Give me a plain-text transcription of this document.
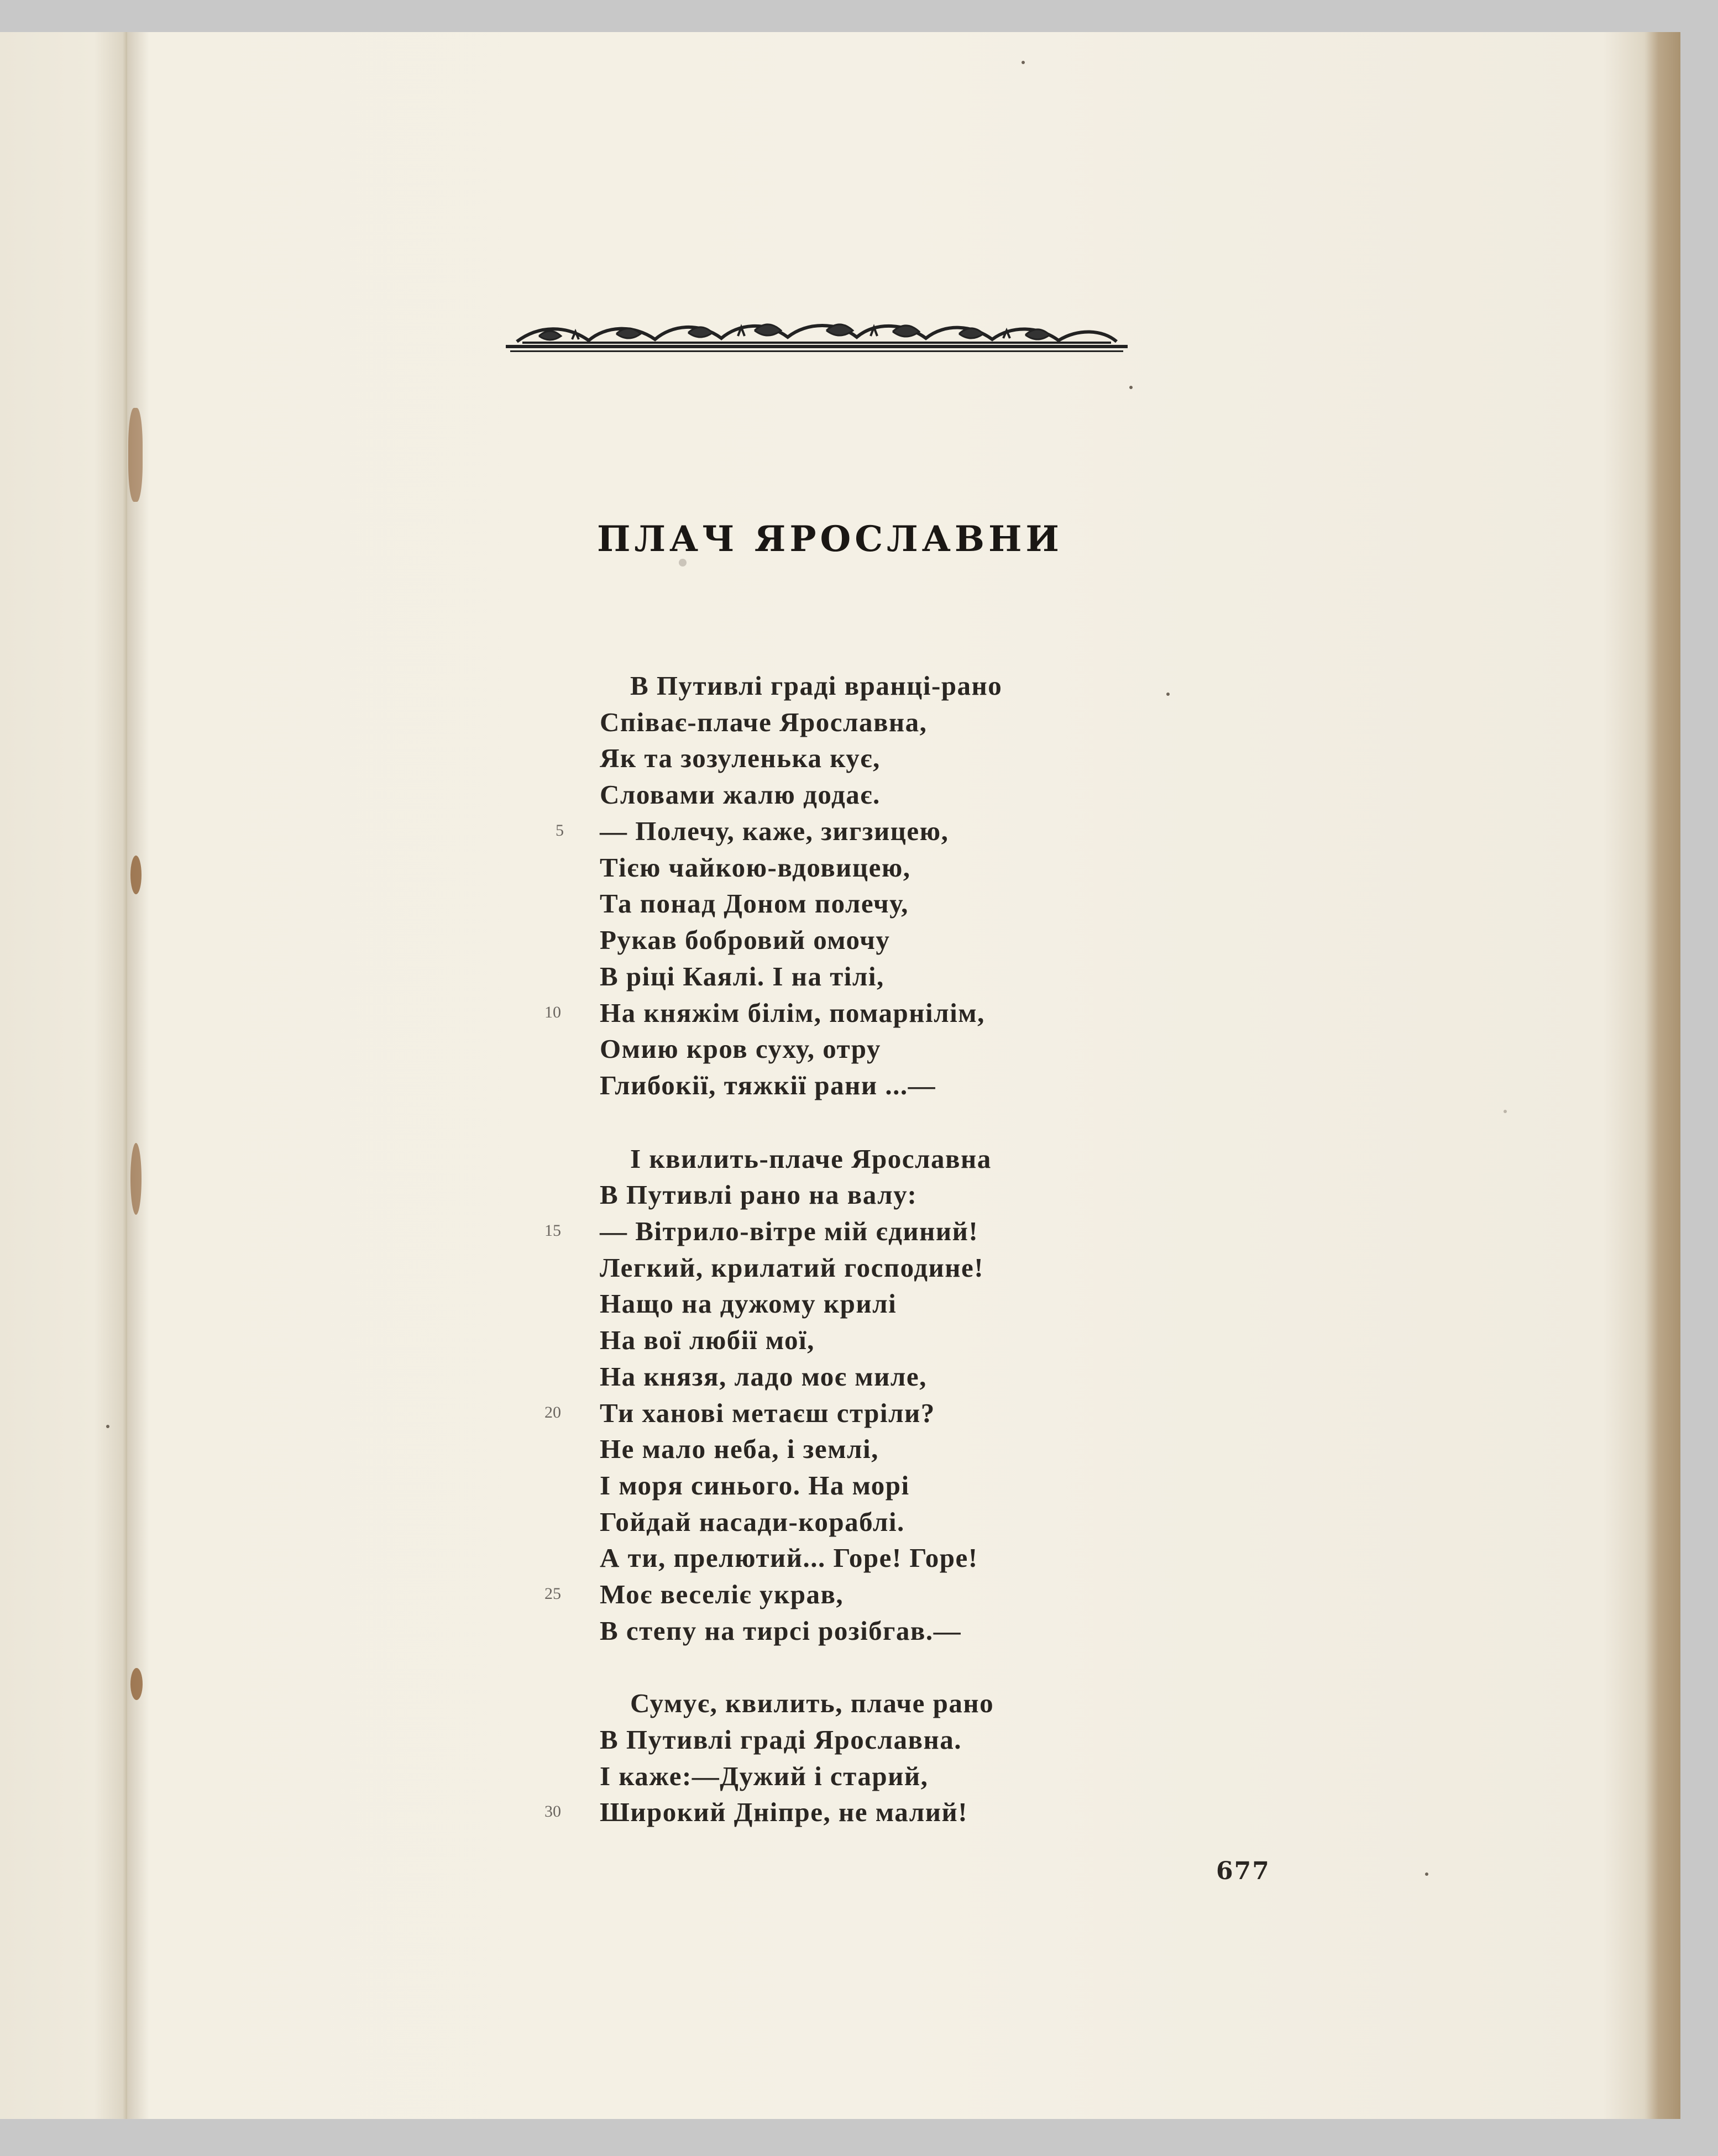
ПЛАЧ ЯРОСЛАВНИ
В Путивлі граді вранці-рано
Співає-плаче Ярославна,
Як та зозуленька кує,
Словами жалю додає.
— Полечу, каже, зигзицею,
Тією чайкою-вдовицею,
Та понад Доном полечу,
Рукав бобровий омочу
В ріці Каялі. І на тілі,
На княжім білім, помарнілім,
Омию кров суху, отру
Глибокії, тяжкії рани ...—
І квилить-плаче Ярославна
В Путивлі рано на валу:
— Вітрило-вітре мій єдиний!
Легкий, крилатий господине!
Нащо на дужому крилі
На вої любії мої,
На князя, ладо моє миле,
Ти ханові метаєш стріли?
Не мало неба, і землі,
І моря синього. На морі
Гойдай насади-кораблі.
А ти, прелютий... Горе! Горе!
Моє веселіє украв,
В степу на тирсі розібгав.—
Сумує, квилить, плаче рано
В Путивлі граді Ярославна.
І каже:—Дужий і старий,
Широкий Дніпре, не малий!
5
10
15
20
25
30
677
